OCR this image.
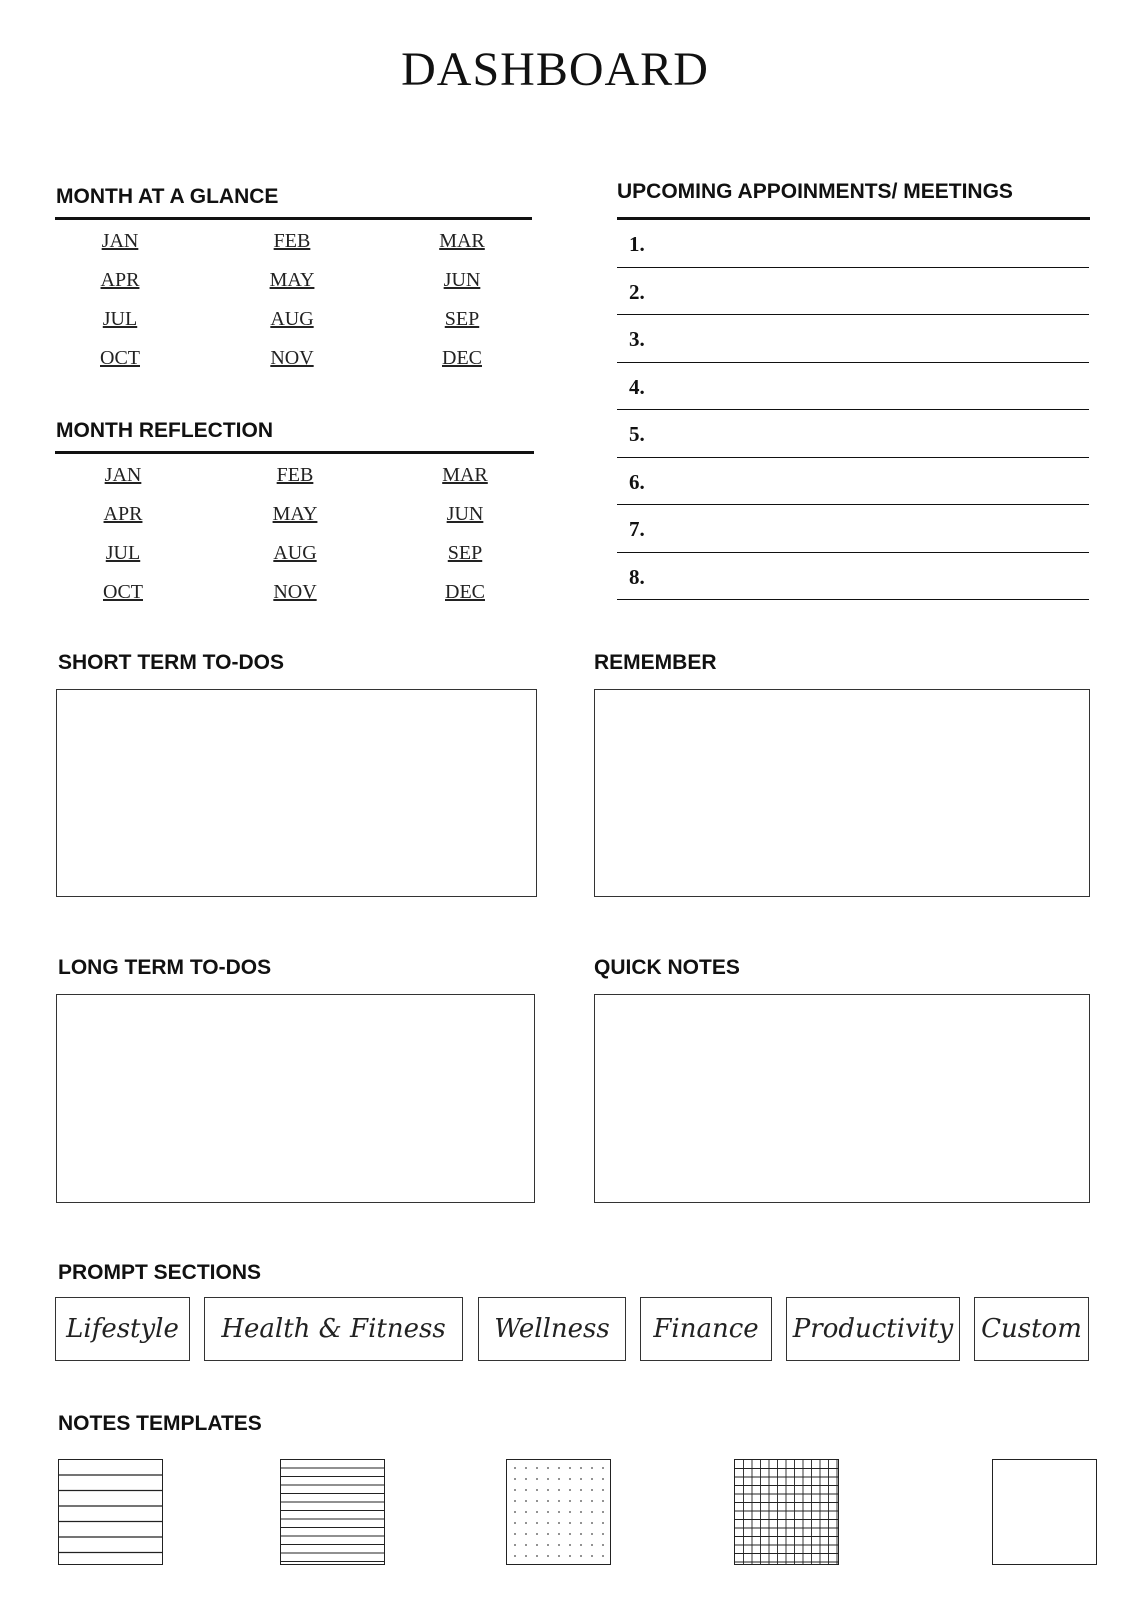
DASHBOARD
MONTH AT A GLANCE
JAN	FEB	MAR
APR	MAY	JUN
JUL	AUG	SEP
OCT	NOV	DEC
MONTH REFLECTION
JAN	FEB	MAR
APR	MAY	JUN
JUL	AUG	SEP
OCT	NOV	DEC
UPCOMING APPOINMENTS/ MEETINGS
1.
2.
3.
4.
5.
6.
7.
8.
SHORT TERM TO-DOS	REMEMBER
LONG TERM TO-DOS	QUICK NOTES
PROMPT SECTIONS
Lifestyle	Health & Fitness	Wellness	Finance	Productivity Custom
NOTES TEMPLATES
